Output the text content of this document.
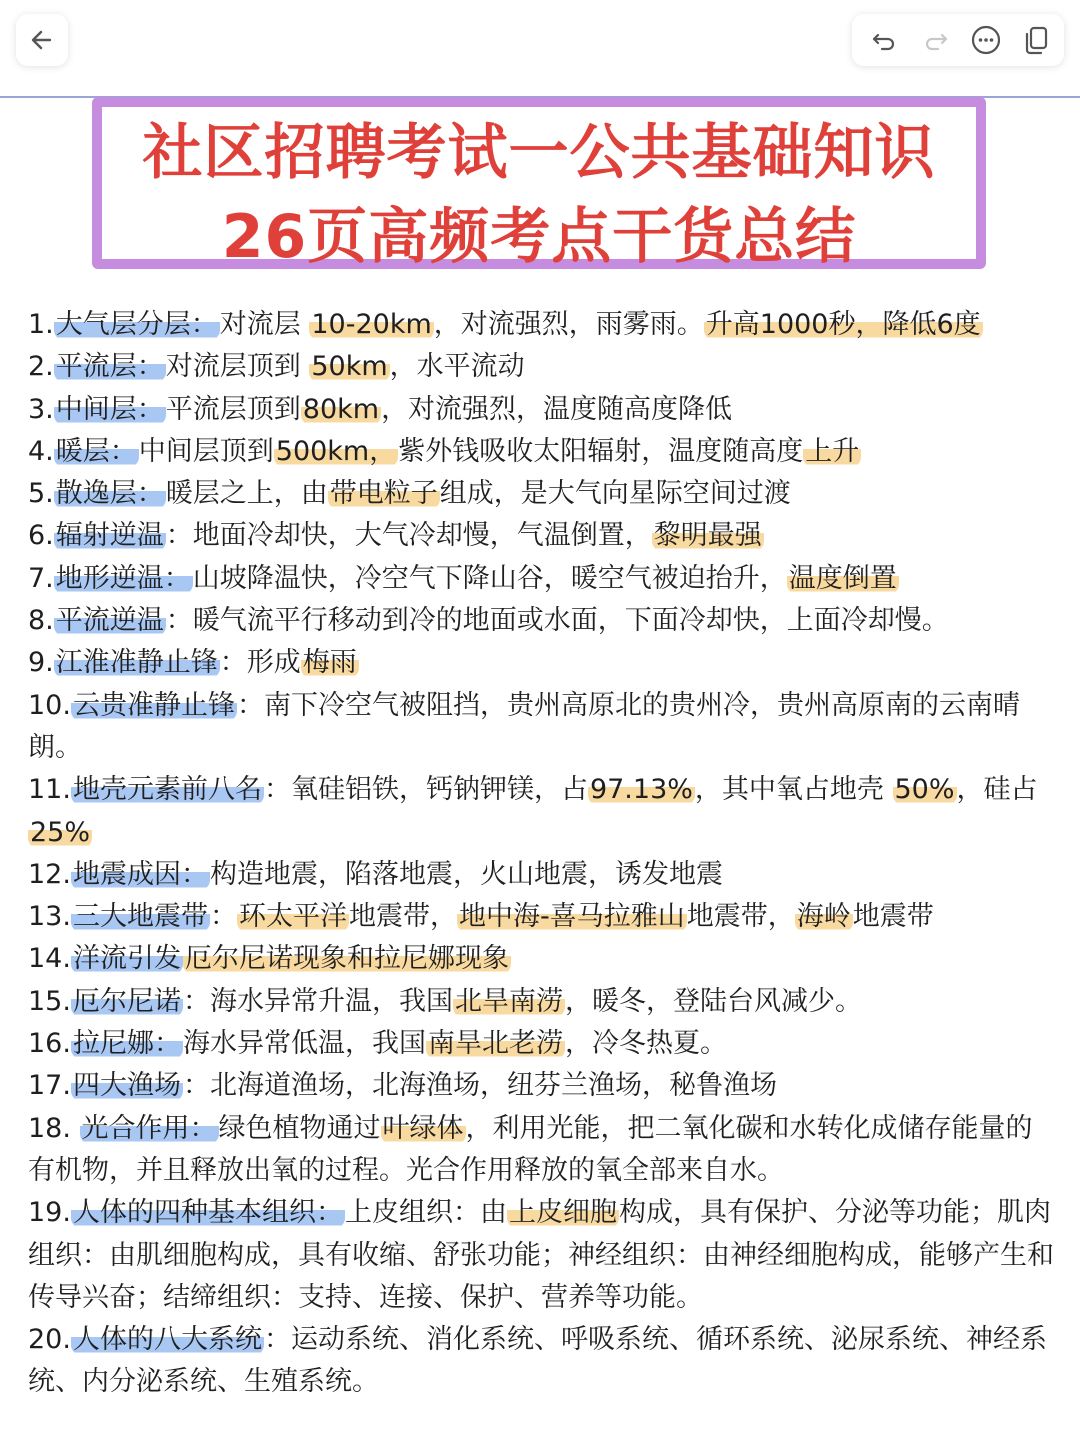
社区招聘考试一公共基础知识
26页高频考点干货总结

1.大气层分层：对流层 10-20km，对流强烈，雨雾雨。升高1000秒，降低6度

2.平流层：对流层顶到 50km，水平流动

3.中间层：平流层顶到80km，对流强烈，温度随高度降低

4.暖层：中间层顶到500km，紫外钱吸收太阳辐射，温度随高度上升

5.散逸层：暖层之上，由带电粒子组成，是大气向星际空间过渡

6.辐射逆温：地面冷却快，大气冷却慢，气温倒置，黎明最强

7.地形逆温：山坡降温快，冷空气下降山谷，暖空气被迫抬升，温度倒置

8.平流逆温：暖气流平行移动到冷的地面或水面，下面冷却快，上面冷却慢。

9.江淮准静止锋：形成梅雨

10.云贵准静止锋：南下冷空气被阻挡，贵州高原北的贵州冷，贵州高原南的云南晴朗。

11.地壳元素前八名：氧硅铝铁，钙钠钾镁，占97.13%，其中氧占地壳 50%，硅占 25%

12.地震成因：构造地震，陷落地震，火山地震，诱发地震

13.三大地震带：环太平洋地震带，地中海-喜马拉雅山地震带，海岭地震带

14.洋流引发 厄尔尼诺现象和拉尼娜现象

15.厄尔尼诺：海水异常升温，我国北旱南涝，暖冬，登陆台风减少。

16.拉尼娜：海水异常低温，我国南旱北老涝，冷冬热夏。

17.四大渔场：北海道渔场，北海渔场，纽芬兰渔场，秘鲁渔场

18. 光合作用：绿色植物通过叶绿体，利用光能，把二氧化碳和水转化成储存能量的有机物，并且释放出氧的过程。光合作用释放的氧全部来自水。

19.人体的四种基本组织：上皮组织：由上皮细胞构成，具有保护、分泌等功能；肌肉组织：由肌细胞构成，具有收缩、舒张功能；神经组织：由神经细胞构成，能够产生和传导兴奋；结缔组织：支持、连接、保护、营养等功能。

20.人体的八大系统：运动系统、消化系统、呼吸系统、循环系统、泌尿系统、神经系统、内分泌系统、生殖系统。
